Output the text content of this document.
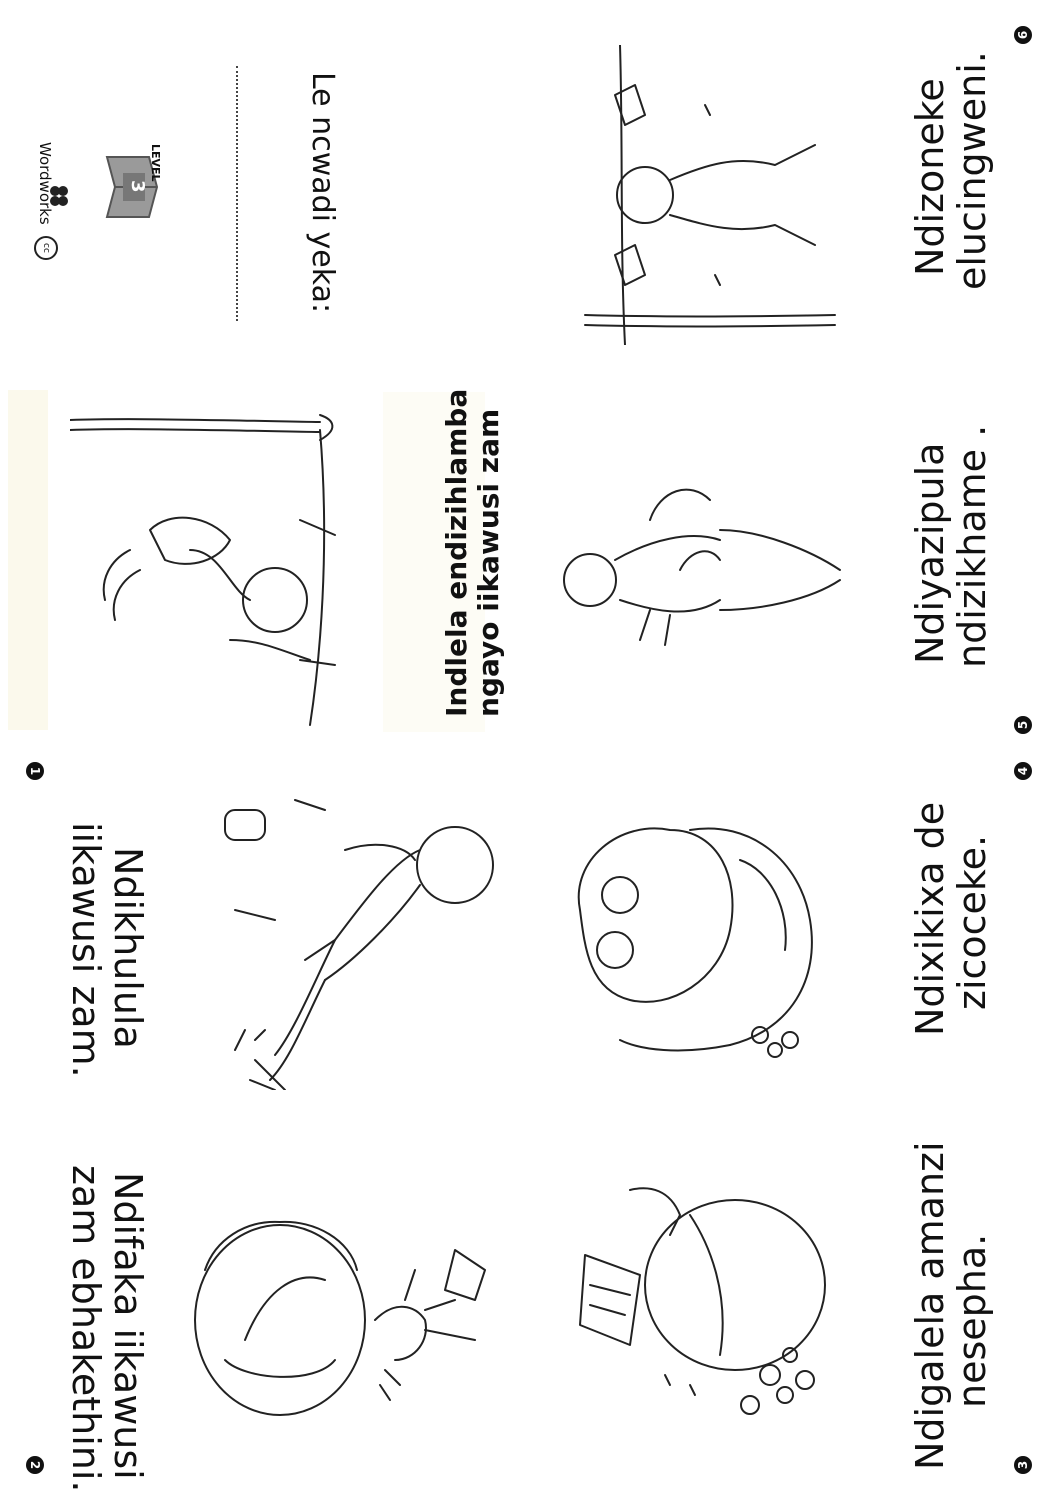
Le ncwadi yeka:
LEVEL
3
Wordworks
cc
Indlela endizihlamba ngayo iikawusi zam
1
Ndikhulula
iikawusi zam.
2 Ndifaka iikawusi
zam ebhakethini.	3
Ndigalela amanzi
nesepha.
4
Ndixikixa de
zicoceke.
5
Ndiyazipula
ndizikhame .
6
Ndizoneke
elucingweni.
